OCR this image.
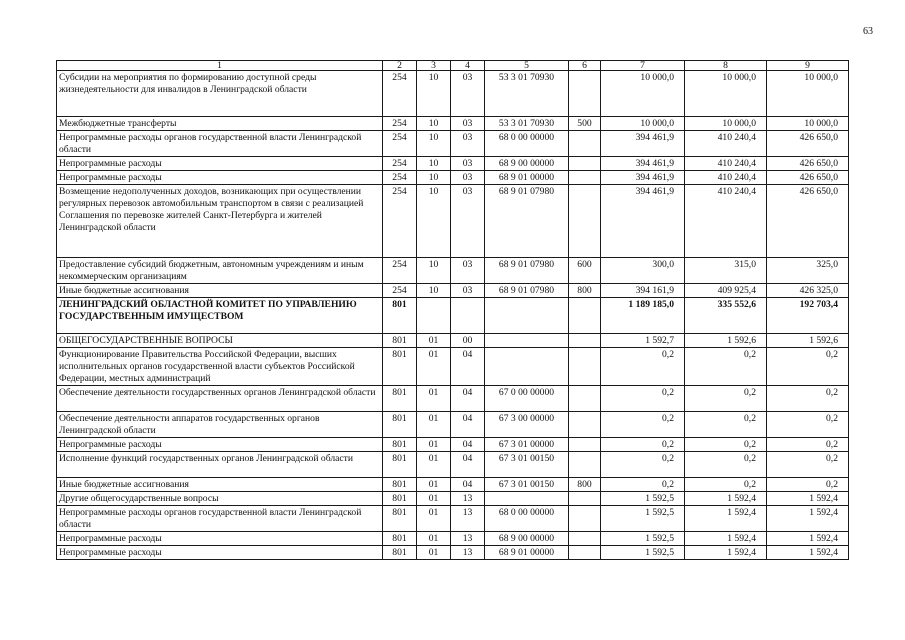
63
1	2	3	4	5	6	7	8	9
Субсидии на мероприятия по формированию доступной среды жизнедеятельности для инвалидов в Ленинградской области	254	10	03	53 3 01 70930		10 000,0	10 000,0	10 000,0
Межбюджетные трансферты	254	10	03	53 3 01 70930	500	10 000,0	10 000,0	10 000,0
Непрограммные расходы органов государственной власти Ленинградской области	254	10	03	68 0 00 00000		394 461,9	410 240,4	426 650,0
Непрограммные расходы	254	10	03	68 9 00 00000		394 461,9	410 240,4	426 650,0
Непрограммные расходы	254	10	03	68 9 01 00000		394 461,9	410 240,4	426 650,0
Возмещение недополученных доходов, возникающих при осуществлении регулярных перевозок автомобильным транспортом в связи с реализацией Соглашения по перевозке жителей Санкт-Петербурга и жителей Ленинградской области	254	10	03	68 9 01 07980		394 461,9	410 240,4	426 650,0
Предоставление субсидий бюджетным, автономным учреждениям и иным некоммерческим организациям	254	10	03	68 9 01 07980	600	300,0	315,0	325,0
Иные бюджетные ассигнования	254	10	03	68 9 01 07980	800	394 161,9	409 925,4	426 325,0
ЛЕНИНГРАДСКИЙ ОБЛАСТНОЙ КОМИТЕТ ПО УПРАВЛЕНИЮ ГОСУДАРСТВЕННЫМ ИМУЩЕСТВОМ	801					1 189 185,0	335 552,6	192 703,4
ОБЩЕГОСУДАРСТВЕННЫЕ ВОПРОСЫ	801	01	00			1 592,7	1 592,6	1 592,6
Функционирование Правительства Российской Федерации, высших исполнительных органов государственной власти субъектов Российской Федерации, местных администраций	801	01	04			0,2	0,2	0,2
Обеспечение деятельности государственных органов Ленинградской области	801	01	04	67 0 00 00000		0,2	0,2	0,2
Обеспечение деятельности аппаратов государственных органов Ленинградской области	801	01	04	67 3 00 00000		0,2	0,2	0,2
Непрограммные расходы	801	01	04	67 3 01 00000		0,2	0,2	0,2
Исполнение функций государственных органов Ленинградской области	801	01	04	67 3 01 00150		0,2	0,2	0,2
Иные бюджетные ассигнования	801	01	04	67 3 01 00150	800	0,2	0,2	0,2
Другие общегосударственные вопросы	801	01	13			1 592,5	1 592,4	1 592,4
Непрограммные расходы органов государственной власти Ленинградской области	801	01	13	68 0 00 00000		1 592,5	1 592,4	1 592,4
Непрограммные расходы	801	01	13	68 9 00 00000		1 592,5	1 592,4	1 592,4
Непрограммные расходы	801	01	13	68 9 01 00000		1 592,5	1 592,4	1 592,4
